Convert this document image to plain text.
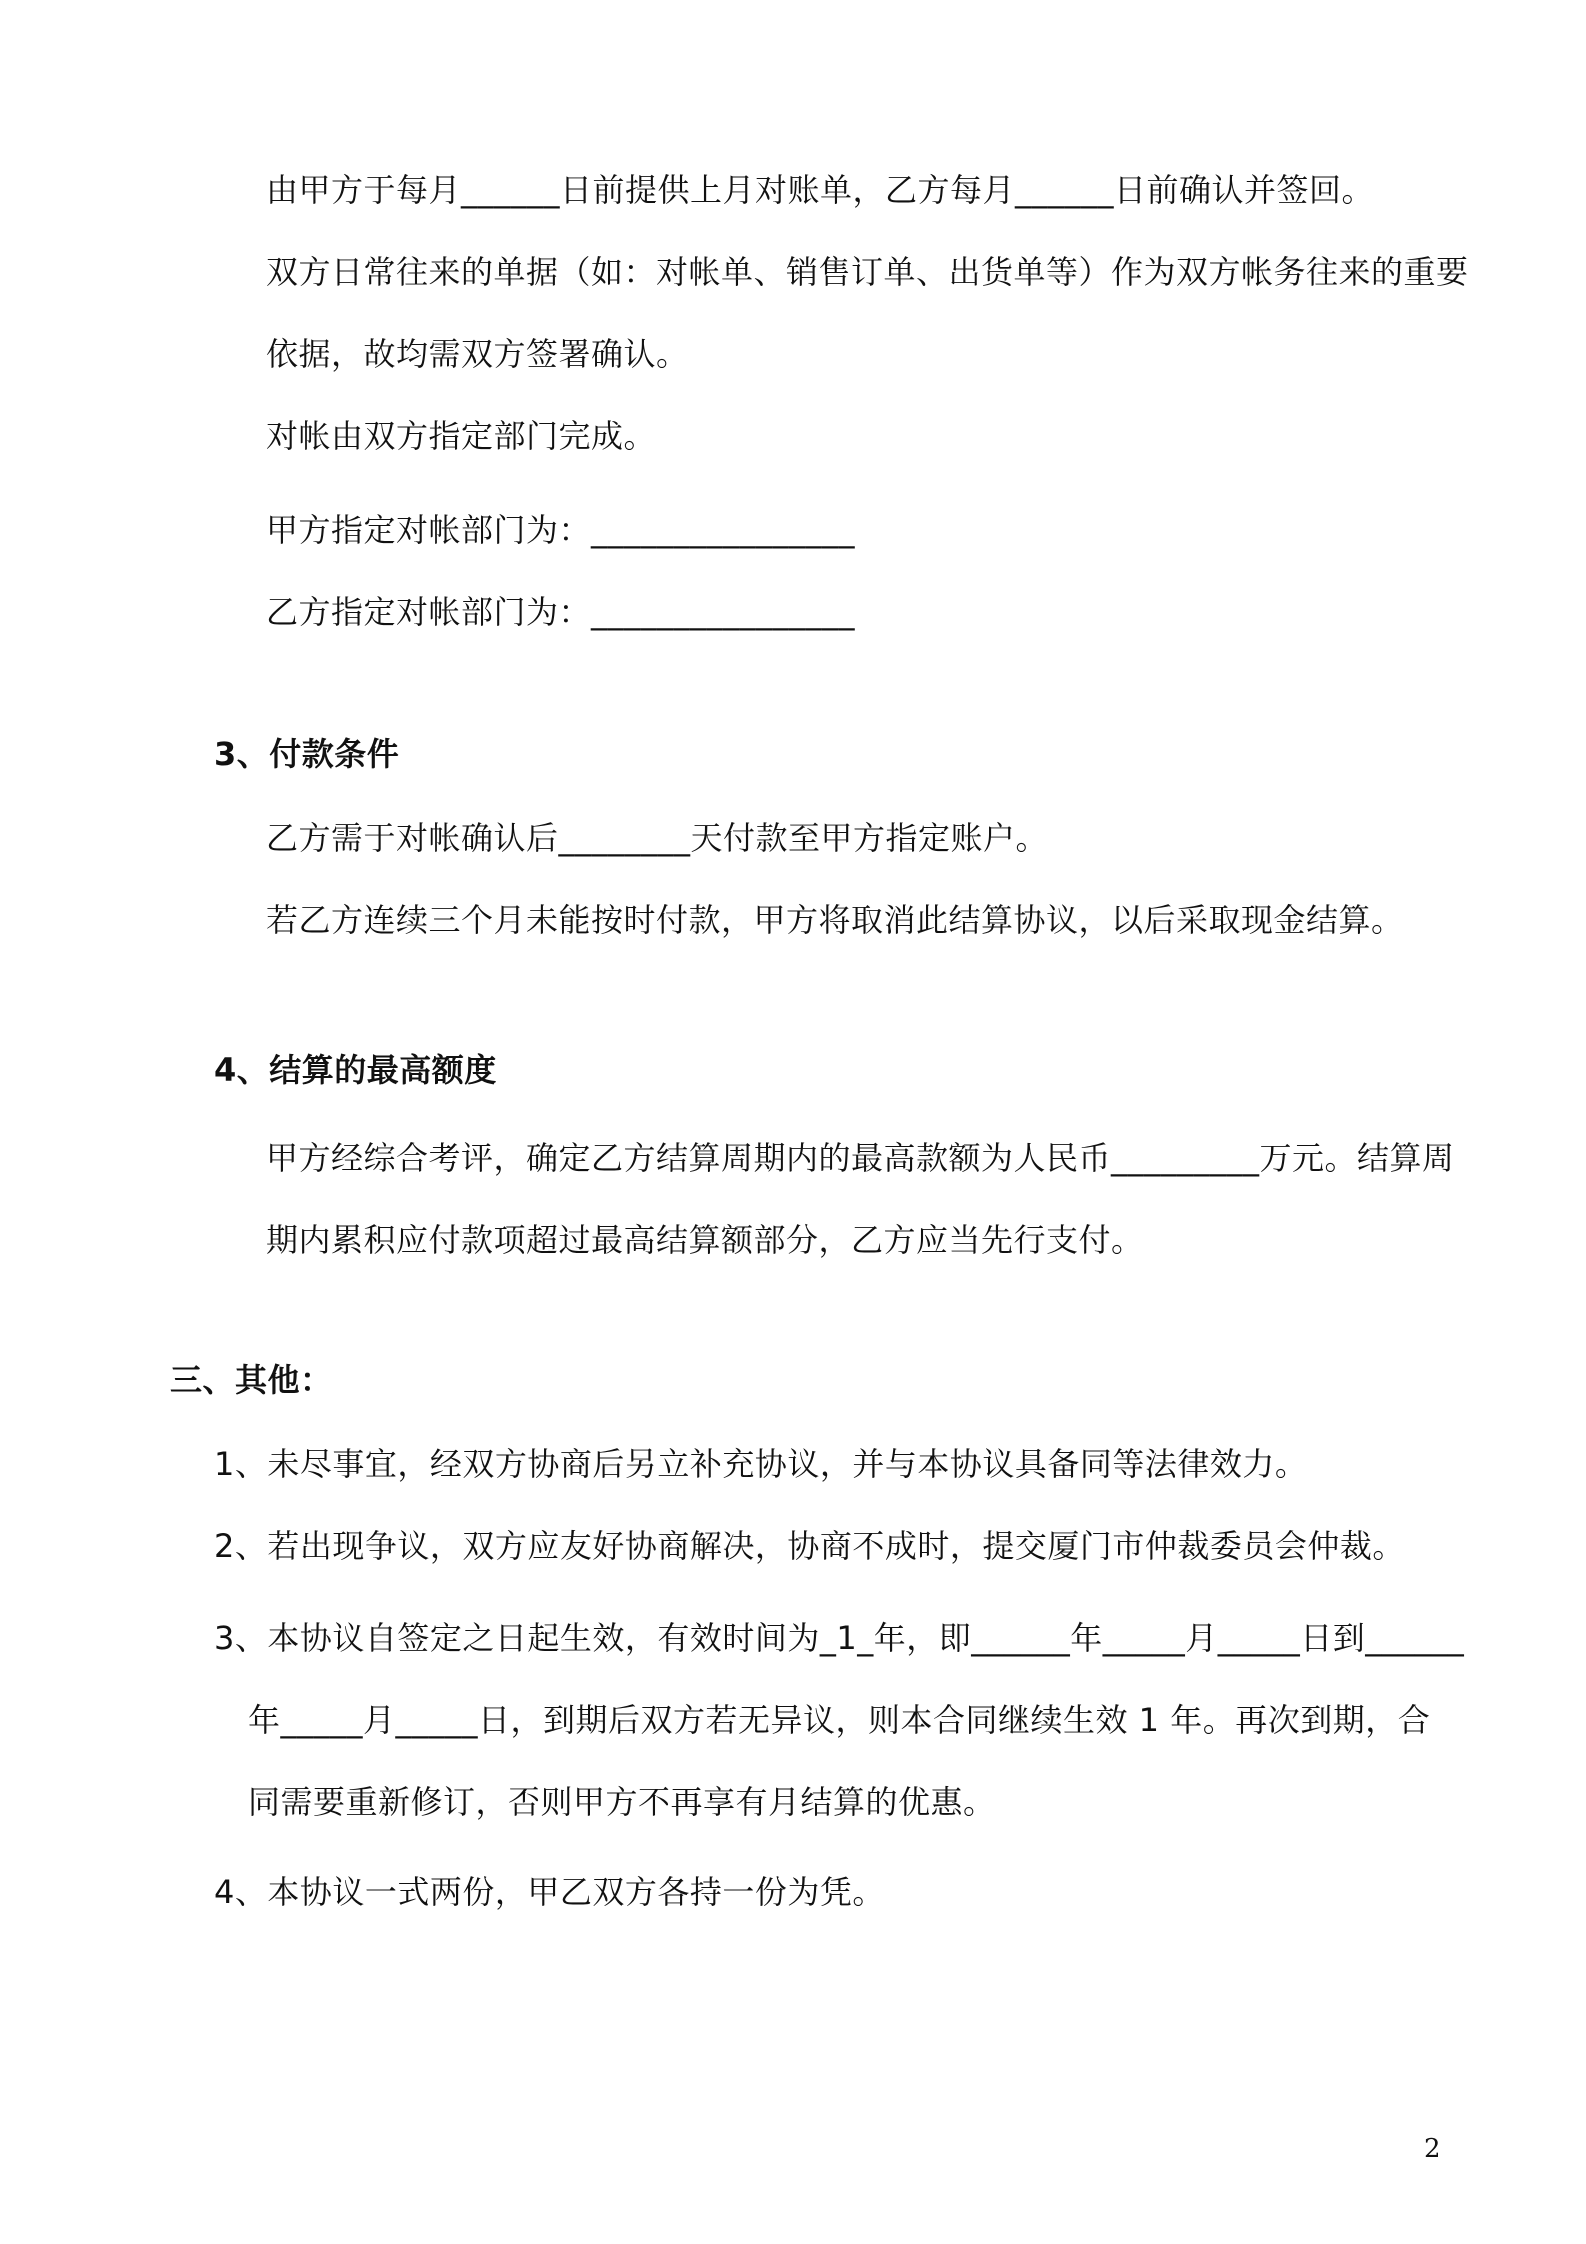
由甲方于每月______日前提供上月对账单，乙方每月______日前确认并签回。
双方日常往来的单据（如：对帐单、销售订单、出货单等）作为双方帐务往来的重要
依据，故均需双方签署确认。
对帐由双方指定部门完成。
甲方指定对帐部门为：________________
乙方指定对帐部门为：________________
3、付款条件
乙方需于对帐确认后________天付款至甲方指定账户。
若乙方连续三个月未能按时付款，甲方将取消此结算协议，以后采取现金结算。
4、结算的最高额度
甲方经综合考评，确定乙方结算周期内的最高款额为人民币_________万元。结算周
期内累积应付款项超过最高结算额部分，乙方应当先行支付。
三、其他：
1、未尽事宜，经双方协商后另立补充协议，并与本协议具备同等法律效力。
2、若出现争议，双方应友好协商解决，协商不成时，提交厦门市仲裁委员会仲裁。
3、本协议自签定之日起生效，有效时间为_1_年，即______年_____月_____日到______
年_____月_____日，到期后双方若无异议，则本合同继续生效 1 年。再次到期，合
同需要重新修订，否则甲方不再享有月结算的优惠。
4、本协议一式两份，甲乙双方各持一份为凭。
2
